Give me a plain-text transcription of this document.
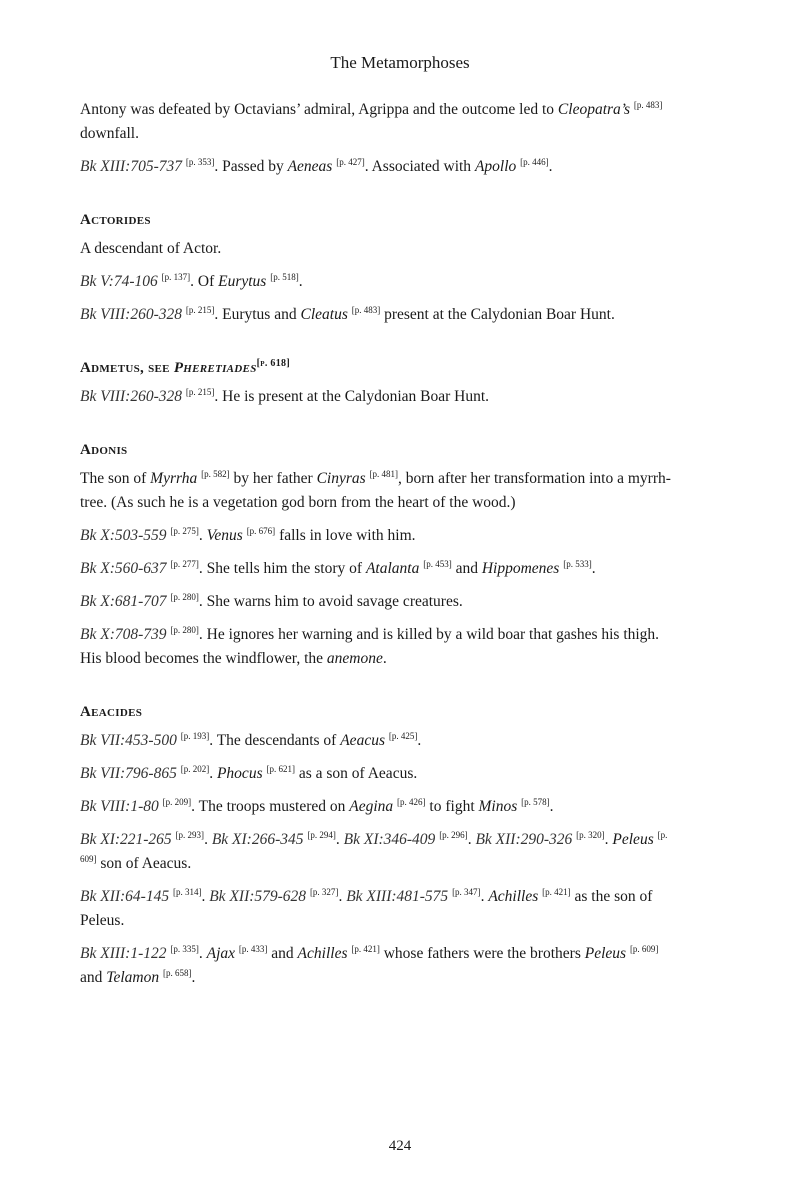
The Metamorphoses

Antony was defeated by Octavians’ admiral, Agrippa and the outcome led to Cleopatra’s [p. 483] downfall.

Bk XIII:705-737 [p. 353]. Passed by Aeneas [p. 427]. Associated with Apollo [p. 446].

Actorides

A descendant of Actor.

Bk V:74-106 [p. 137]. Of Eurytus [p. 518].

Bk VIII:260-328 [p. 215]. Eurytus and Cleatus [p. 483] present at the Calydonian Boar Hunt.

Admetus, see Pheretiades[p. 618]

Bk VIII:260-328 [p. 215]. He is present at the Calydonian Boar Hunt.

Adonis

The son of Myrrha [p. 582] by her father Cinyras [p. 481], born after her transformation into a myrrh-tree. (As such he is a vegetation god born from the heart of the wood.)

Bk X:503-559 [p. 275]. Venus [p. 676] falls in love with him.

Bk X:560-637 [p. 277]. She tells him the story of Atalanta [p. 453] and Hippomenes [p. 533].

Bk X:681-707 [p. 280]. She warns him to avoid savage creatures.

Bk X:708-739 [p. 280]. He ignores her warning and is killed by a wild boar that gashes his thigh. His blood becomes the windflower, the anemone.

Aeacides

Bk VII:453-500 [p. 193]. The descendants of Aeacus [p. 425].

Bk VII:796-865 [p. 202]. Phocus [p. 621] as a son of Aeacus.

Bk VIII:1-80 [p. 209]. The troops mustered on Aegina [p. 426] to fight Minos [p. 578].

Bk XI:221-265 [p. 293]. Bk XI:266-345 [p. 294]. Bk XI:346-409 [p. 296]. Bk XII:290-326 [p. 320]. Peleus [p. 609] son of Aeacus.

Bk XII:64-145 [p. 314]. Bk XII:579-628 [p. 327]. Bk XIII:481-575 [p. 347]. Achilles [p. 421] as the son of Peleus.

Bk XIII:1-122 [p. 335]. Ajax [p. 433] and Achilles [p. 421] whose fathers were the brothers Peleus [p. 609] and Telamon [p. 658].

424
